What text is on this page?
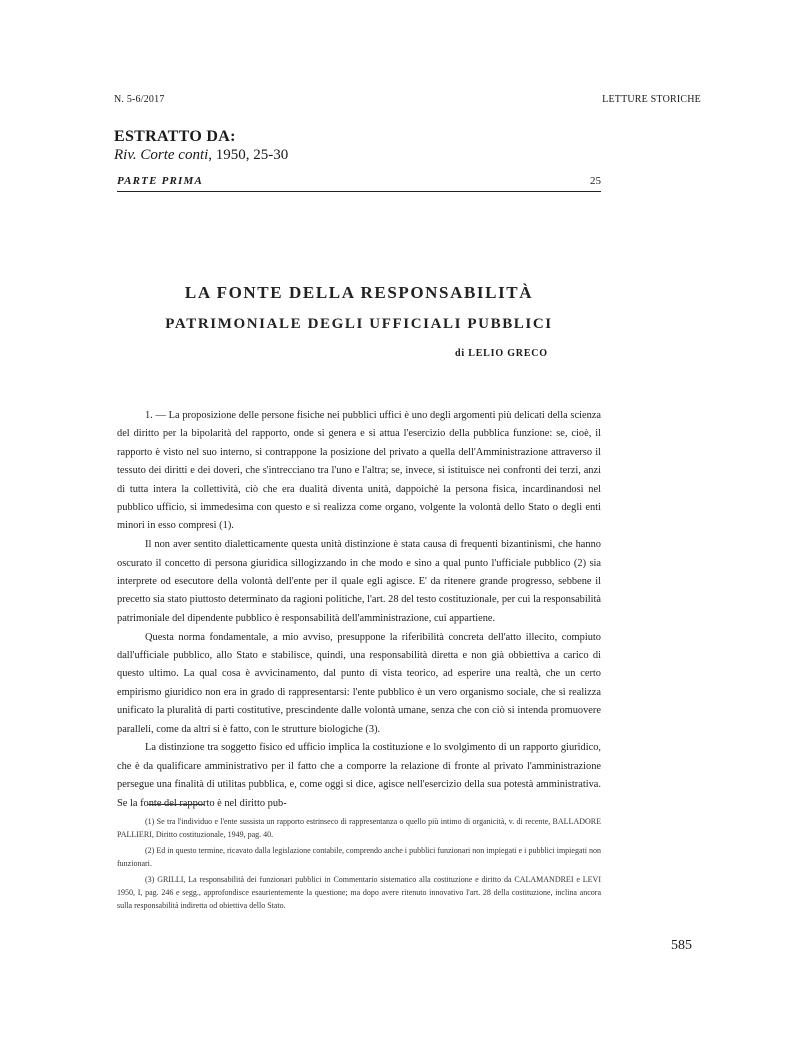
N. 5-6/2017	LETTURE STORICHE
ESTRATTO DA:
Riv. Corte conti, 1950, 25-30
PARTE PRIMA	25
LA FONTE DELLA RESPONSABILITÀ
PATRIMONIALE DEGLI UFFICIALI PUBBLICI
di LELIO GRECO

1. — La proposizione delle persone fisiche nei pubblici uffici è uno degli argomenti più delicati della scienza del diritto per la bipolarità del rapporto, onde si genera e si attua l'esercizio della pubblica funzione: se, cioè, il rapporto è visto nel suo interno, si contrappone la posizione del privato a quella dell'Amministrazione attraverso il tessuto dei diritti e dei doveri, che s'intrecciano tra l'uno e l'altra; se, invece, si istituisce nei confronti dei terzi, anzi di tutta intera la collettività, ciò che era dualità diventa unità, dappoichè la persona fisica, incardinandosi nel pubblico ufficio, si immedesima con questo e si realizza come organo, volgente la volontà dello Stato o degli enti minori in esso compresi (1).

Il non aver sentito dialetticamente questa unità distinzione è stata causa di frequenti bizantinismi, che hanno oscurato il concetto di persona giuridica sillogizzando in che modo e sino a qual punto l'ufficiale pubblico (2) sia interprete od esecutore della volontà dell'ente per il quale egli agisce. E' da ritenere grande progresso, sebbene il precetto sia stato piuttosto determinato da ragioni politiche, l'art. 28 del testo costituzionale, per cui la responsabilità patrimoniale del dipendente pubblico è responsabilità dell'amministrazione, cui appartiene.

Questa norma fondamentale, a mio avviso, presuppone la riferibilità concreta dell'atto illecito, compiuto dall'ufficiale pubblico, allo Stato e stabilisce, quindi, una responsabilità diretta e non già obbiettiva a carico di questo ultimo. La qual cosa è avvicinamento, dal punto di vista teorico, ad esperire una realtà, che un certo empirismo giuridico non era in grado di rappresentarsi: l'ente pubblico è un vero organismo sociale, che si realizza unificato la pluralità di parti costitutive, prescindente dalle volontà umane, senza che con ciò si intenda promuovere paralleli, come da altri si è fatto, con le strutture biologiche (3).

La distinzione tra soggetto fisico ed ufficio implica la costituzione e lo svolgimento di un rapporto giuridico, che è da qualificare amministrativo per il fatto che a comporre la relazione di fronte al privato l'amministrazione persegue una finalità di utilitas pubblica, e, come oggi si dice, agisce nell'esercizio della sua potestà amministrativa. Se la fonte del rapporto è nel diritto pub-

(1) Se tra l'individuo e l'ente sussista un rapporto estrinseco di rappresentanza o quello più intimo di organicità, v. di recente, BALLADORE PALLIERI, Diritto costituzionale, 1949, pag. 40.

(2) Ed in questo termine, ricavato dalla legislazione contabile, comprendo anche i pubblici funzionari non impiegati e i pubblici impiegati non funzionari.

(3) GRILLI, La responsabilità dei funzionari pubblici in Commentario sistematico alla costituzione e diritto da CALAMANDREI e LEVI 1950, I, pag. 246 e segg., approfondisce esaurientemente la questione; ma dopo avere ritenuto innovativo l'art. 28 della costituzione, inclina ancora sulla responsabilità indiretta od obiettiva dello Stato.

585
